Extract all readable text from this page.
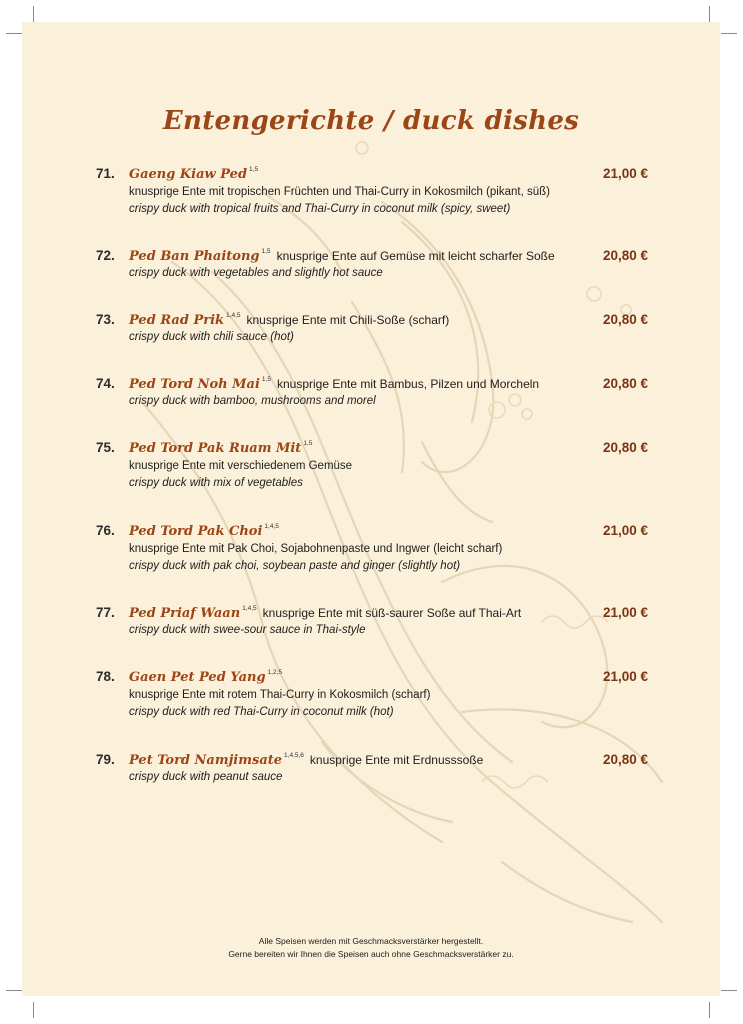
Entengerichte / duck dishes
71. Gaeng Kiaw Ped $^{1,5}$	21,00 €
knusprige Ente mit tropischen Früchten und Thai-Curry in Kokosmilch (pikant, süß)
crispy duck with tropical fruits and Thai-Curry in coconut milk (spicy, sweet)
72. Ped Ban Phaitong $^{1,5}$ knusprige Ente auf Gemüse mit leicht scharfer Soße	20,80 €
crispy duck with vegetables and slightly hot sauce
73. Ped Rad Prik $^{1,4,5}$ knusprige Ente mit Chili-Soße (scharf)	20,80 €
crispy duck with chili sauce (hot)
74. Ped Tord Noh Mai $^{1,5}$ knusprige Ente mit Bambus, Pilzen und Morcheln	20,80 €
crispy duck with bamboo, mushrooms and morel
75. Ped Tord Pak Ruam Mit $^{1,5}$	20,80 €
knusprige Ente mit verschiedenem Gemüse
crispy duck with mix of vegetables
76. Ped Tord Pak Choi $^{1,4,5}$	21,00 €
knusprige Ente mit Pak Choi, Sojabohnenpaste und Ingwer (leicht scharf)
crispy duck with pak choi, soybean paste and ginger (slightly hot)
77. Ped Priaf Waan $^{1,4,5}$ knusprige Ente mit süß-saurer Soße auf Thai-Art	21,00 €
crispy duck with swee-sour sauce in Thai-style
78. Gaen Pet Ped Yang $^{1,2,5}$	21,00 €
knusprige Ente mit rotem Thai-Curry in Kokosmilch (scharf)
crispy duck with red Thai-Curry in coconut milk (hot)
79. Pet Tord Namjimsate $^{1,4,5,6}$ knusprige Ente mit Erdnusssoße	20,80 €
crispy duck with peanut sauce
Alle Speisen werden mit Geschmacksverstärker hergestellt.
Gerne bereiten wir Ihnen die Speisen auch ohne Geschmacksverstärker zu.
